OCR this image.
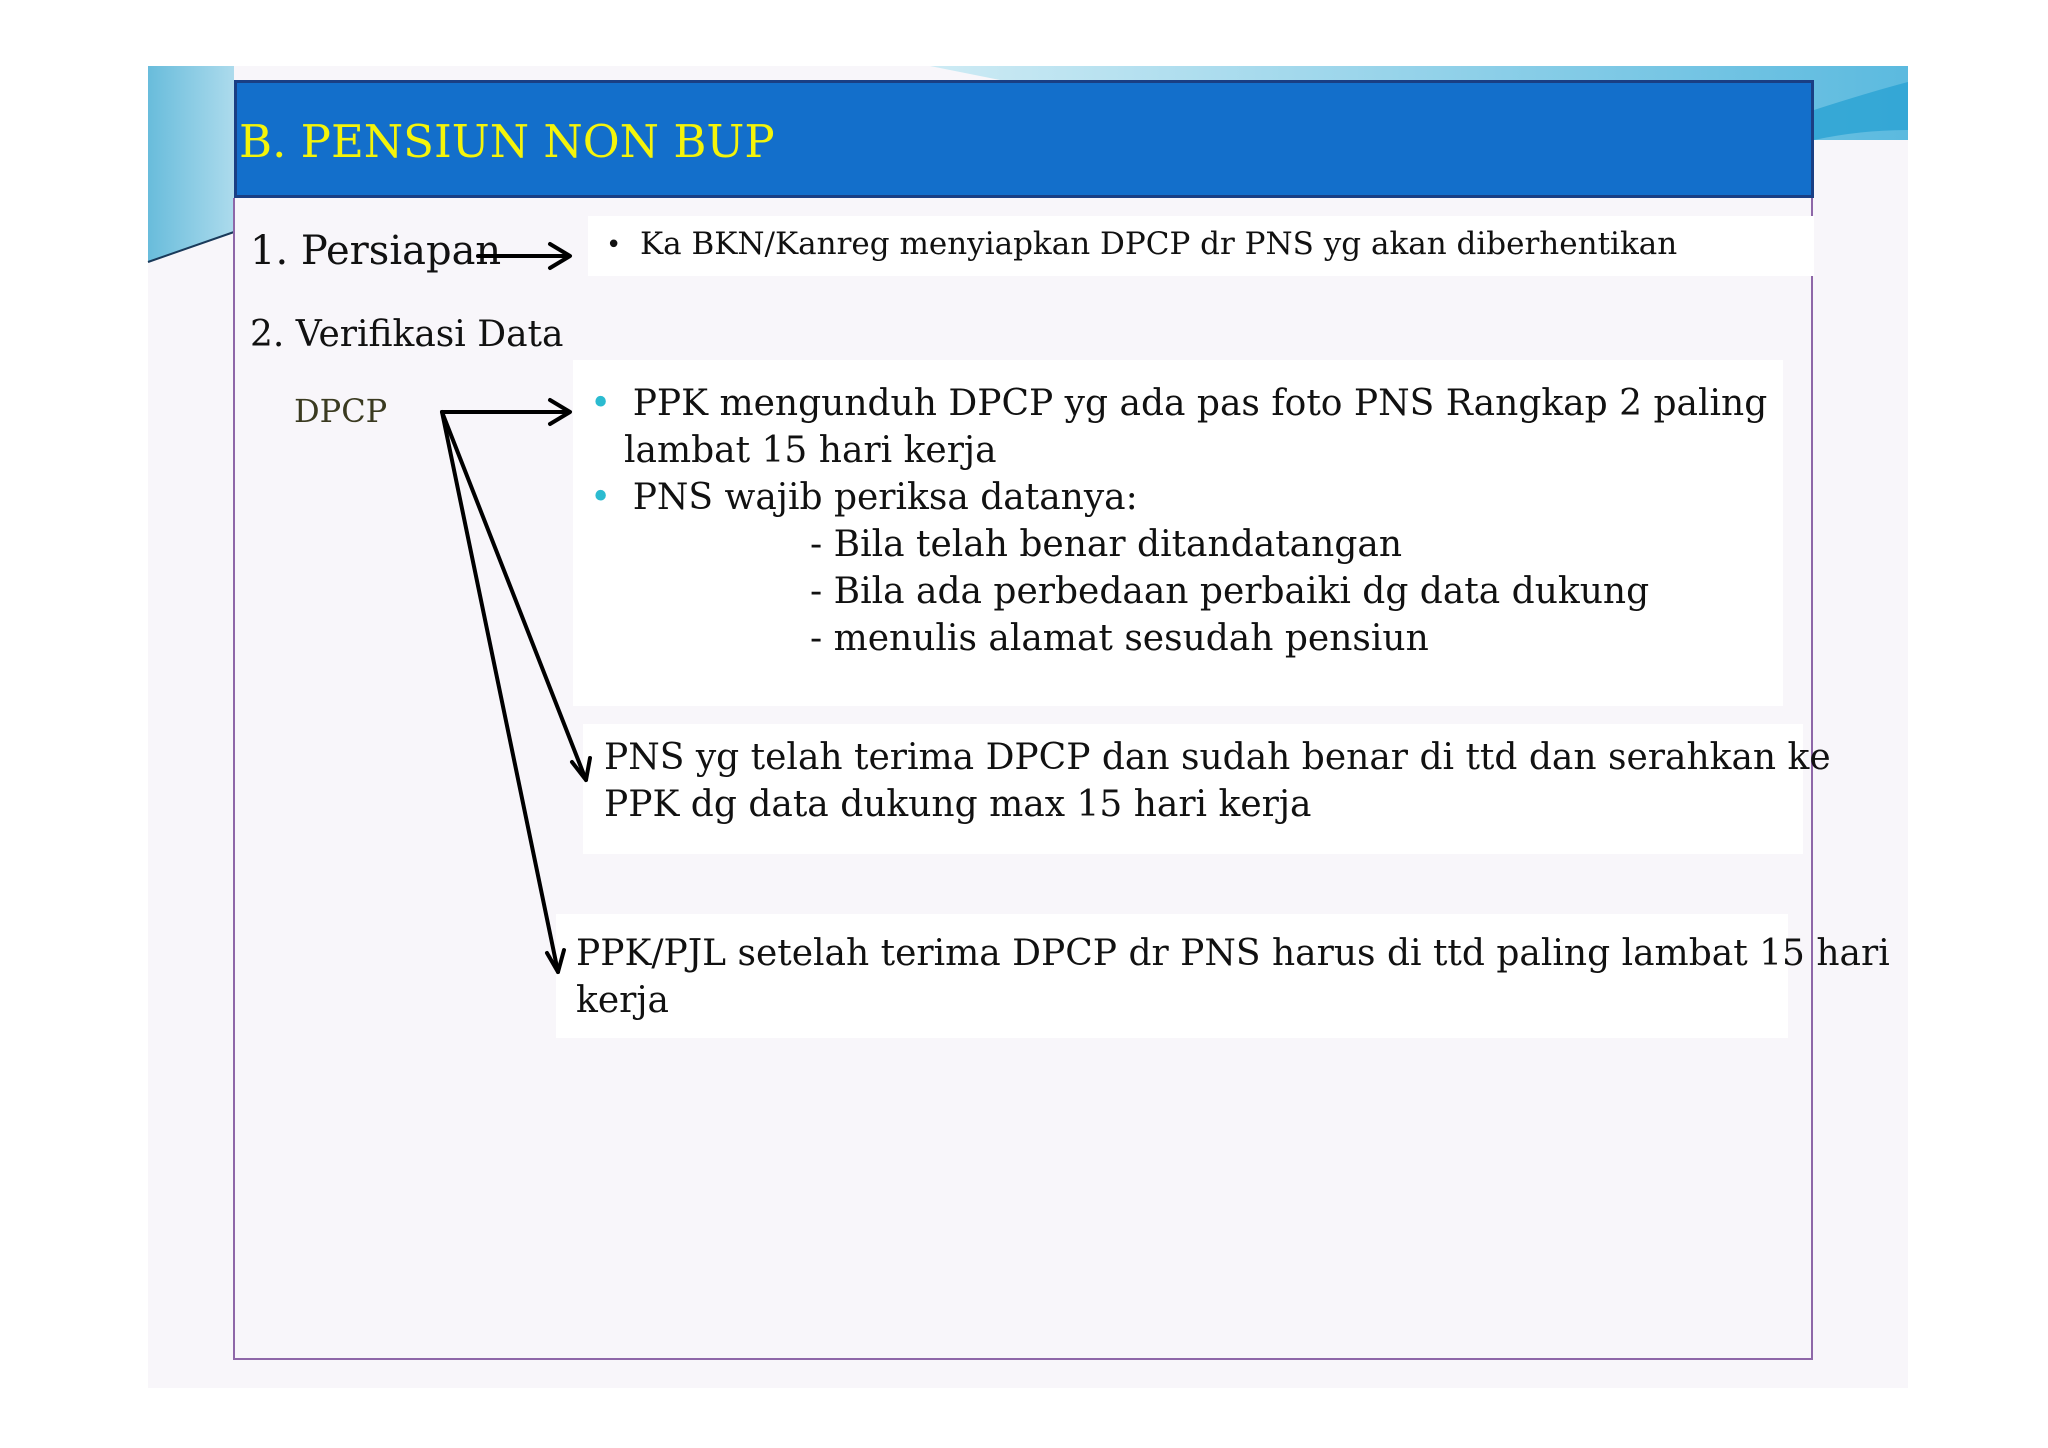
B. PENSIUN NON BUP
1. Persiapan
2. Verifikasi Data
DPCP
• Ka BKN/Kanreg menyiapkan DPCP dr PNS yg akan diberhentikan
• PPK mengunduh DPCP yg ada pas foto PNS Rangkap 2 paling
lambat 15 hari kerja
• PNS wajib periksa datanya:
- Bila telah benar ditandatangan
- Bila ada perbedaan perbaiki dg data dukung
- menulis alamat sesudah pensiun
PNS yg telah terima DPCP dan sudah benar di ttd dan serahkan ke
PPK dg data dukung max 15 hari kerja
PPK/PJL setelah terima DPCP dr PNS harus di ttd paling lambat 15 hari
kerja
